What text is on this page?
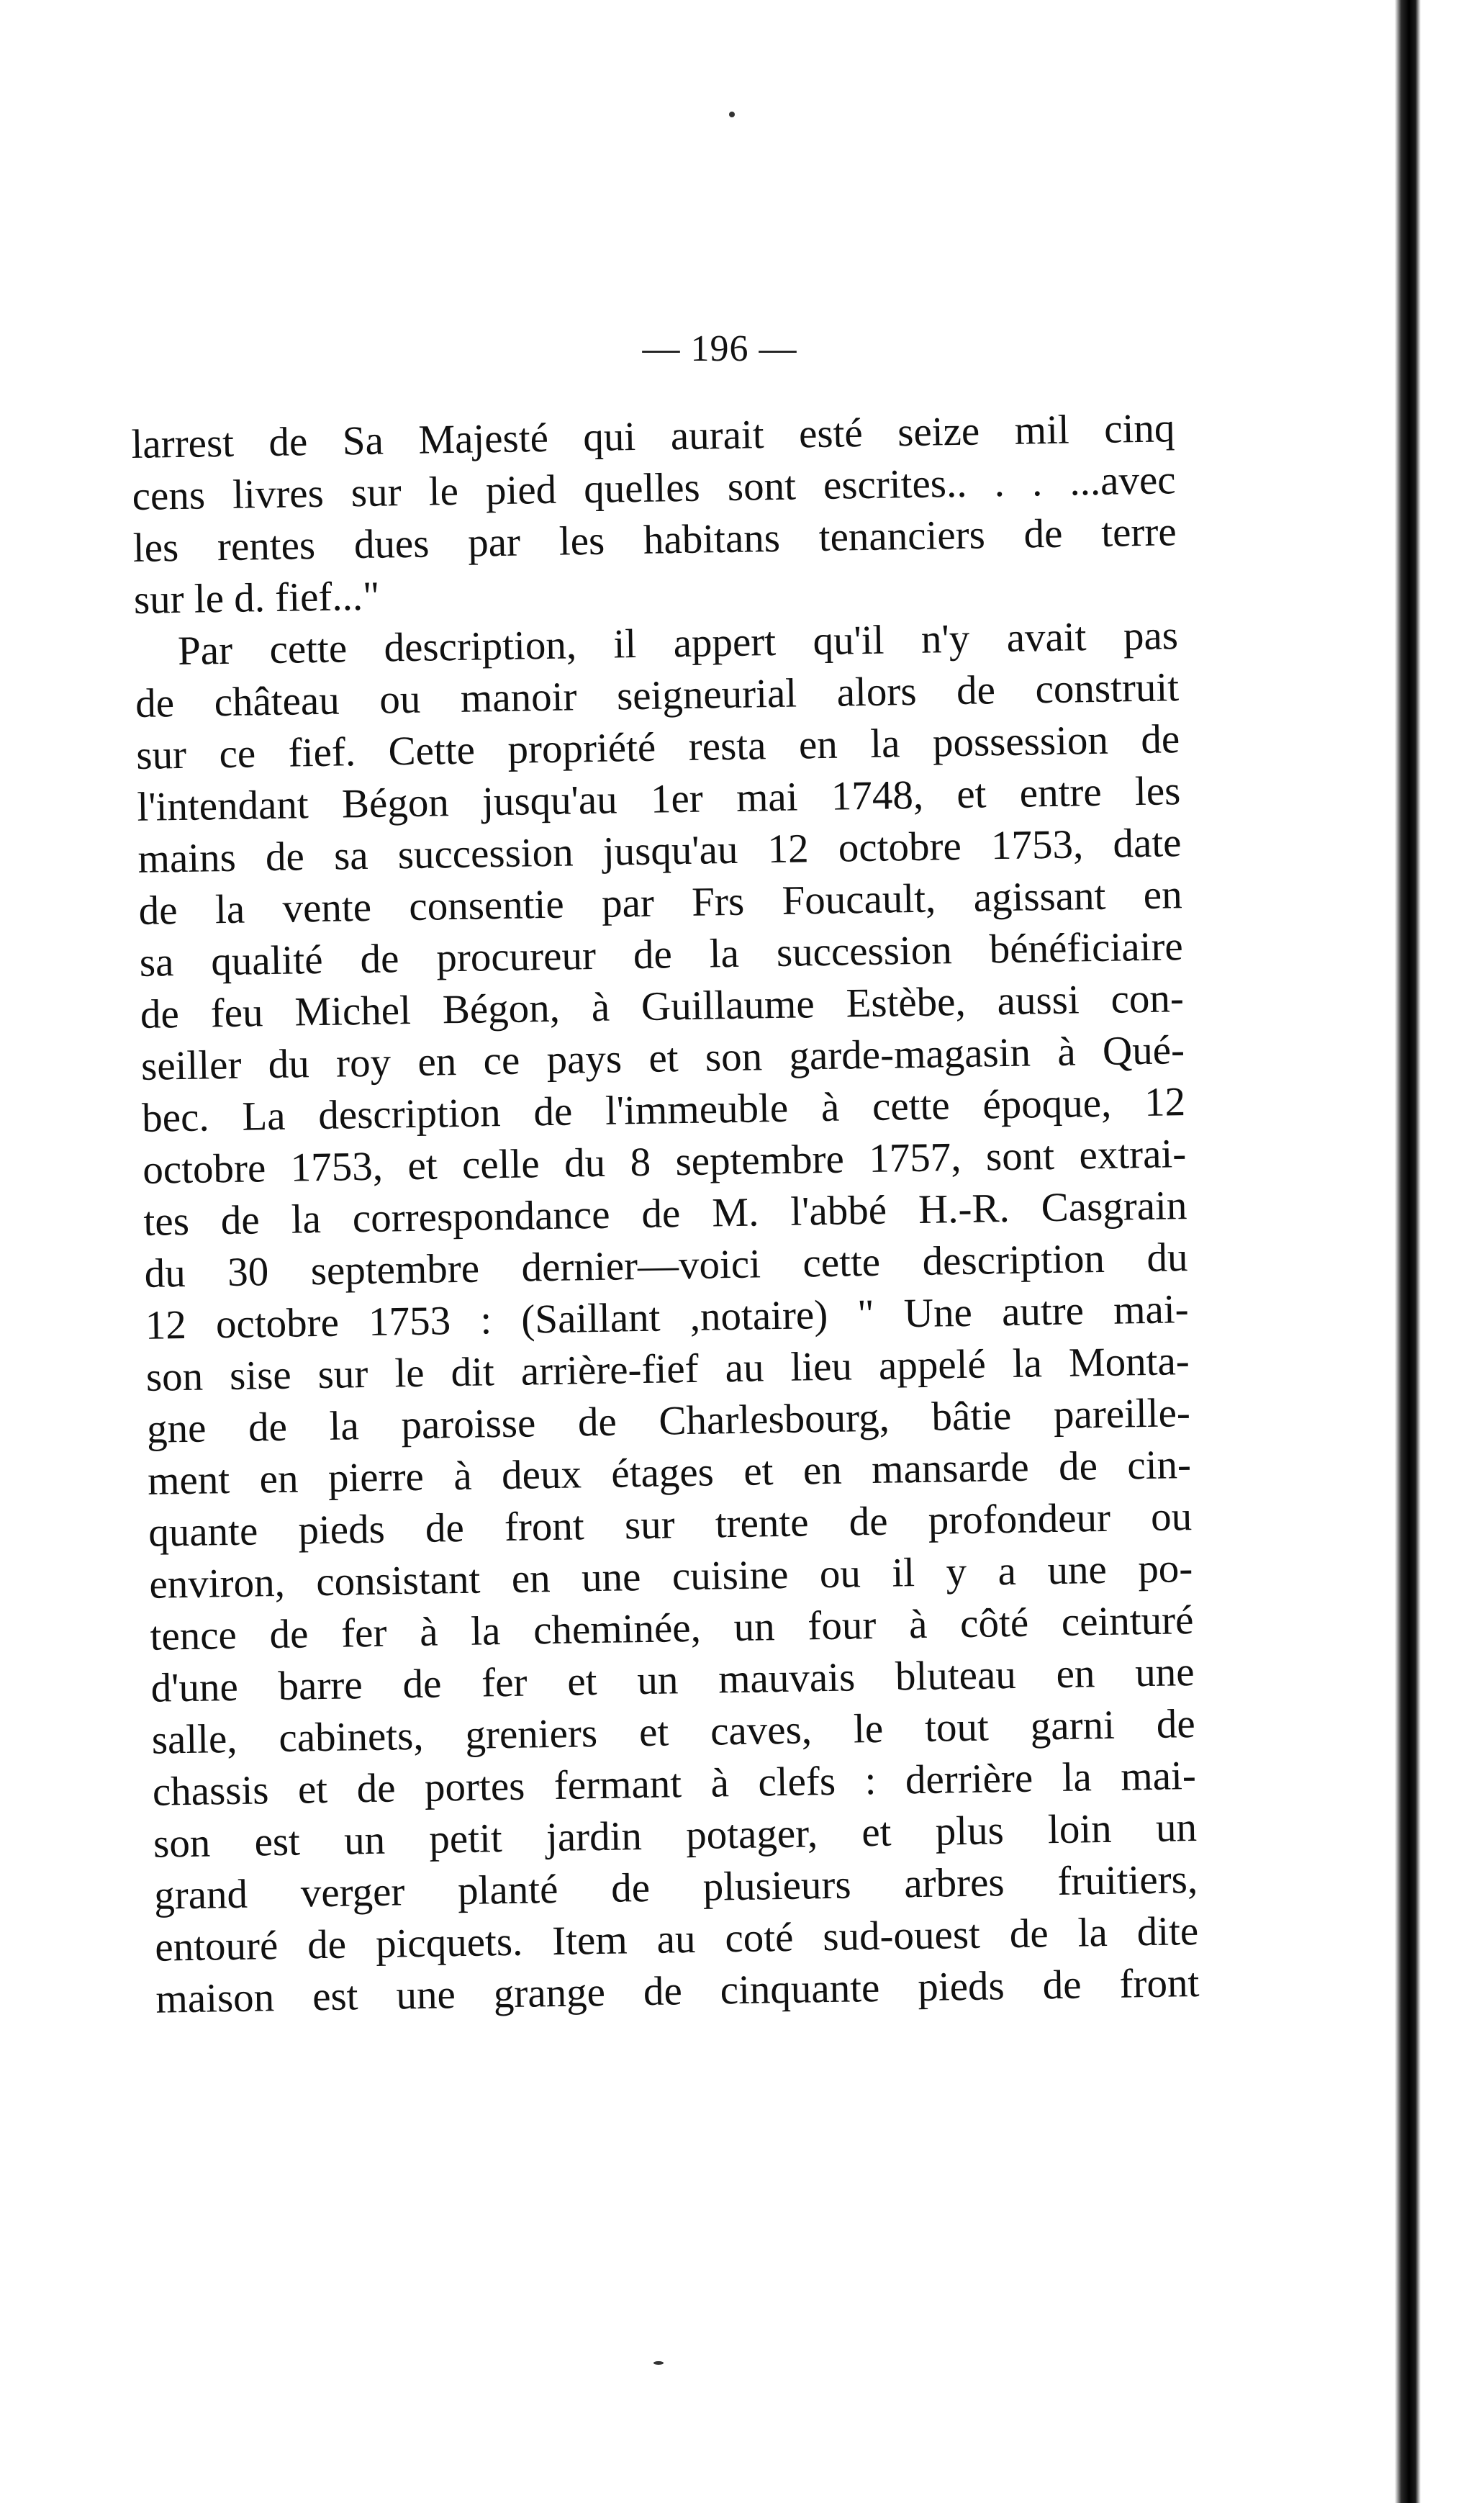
— 196 —
larrest de Sa Majesté qui aurait esté seize mil cinq
cens livres sur le pied quelles sont escrites.. . . ...avec
les rentes dues par les habitans tenanciers de terre
sur le d. fief..."
Par cette description, il appert qu'il n'y avait pas
de château ou manoir seigneurial alors de construit
sur ce fief. Cette propriété resta en la possession de
l'intendant Bégon jusqu'au 1er mai 1748, et entre les
mains de sa succession jusqu'au 12 octobre 1753, date
de la vente consentie par Frs Foucault, agissant en
sa qualité de procureur de la succession bénéficiaire
de feu Michel Bégon, à Guillaume Estèbe, aussi con-
seiller du roy en ce pays et son garde-magasin à Qué-
bec. La description de l'immeuble à cette époque, 12
octobre 1753, et celle du 8 septembre 1757, sont extrai-
tes de la correspondance de M. l'abbé H.-R. Casgrain
du 30 septembre dernier—voici cette description du
12 octobre 1753 : (Saillant ,notaire) " Une autre mai-
son sise sur le dit arrière-fief au lieu appelé la Monta-
gne de la paroisse de Charlesbourg, bâtie pareille-
ment en pierre à deux étages et en mansarde de cin-
quante pieds de front sur trente de profondeur ou
environ, consistant en une cuisine ou il y a une po-
tence de fer à la cheminée, un four à côté ceinturé
d'une barre de fer et un mauvais bluteau en une
salle, cabinets, greniers et caves, le tout garni de
chassis et de portes fermant à clefs : derrière la mai-
son est un petit jardin potager, et plus loin un
grand verger planté de plusieurs arbres fruitiers,
entouré de picquets. Item au coté sud-ouest de la dite
maison est une grange de cinquante pieds de front
